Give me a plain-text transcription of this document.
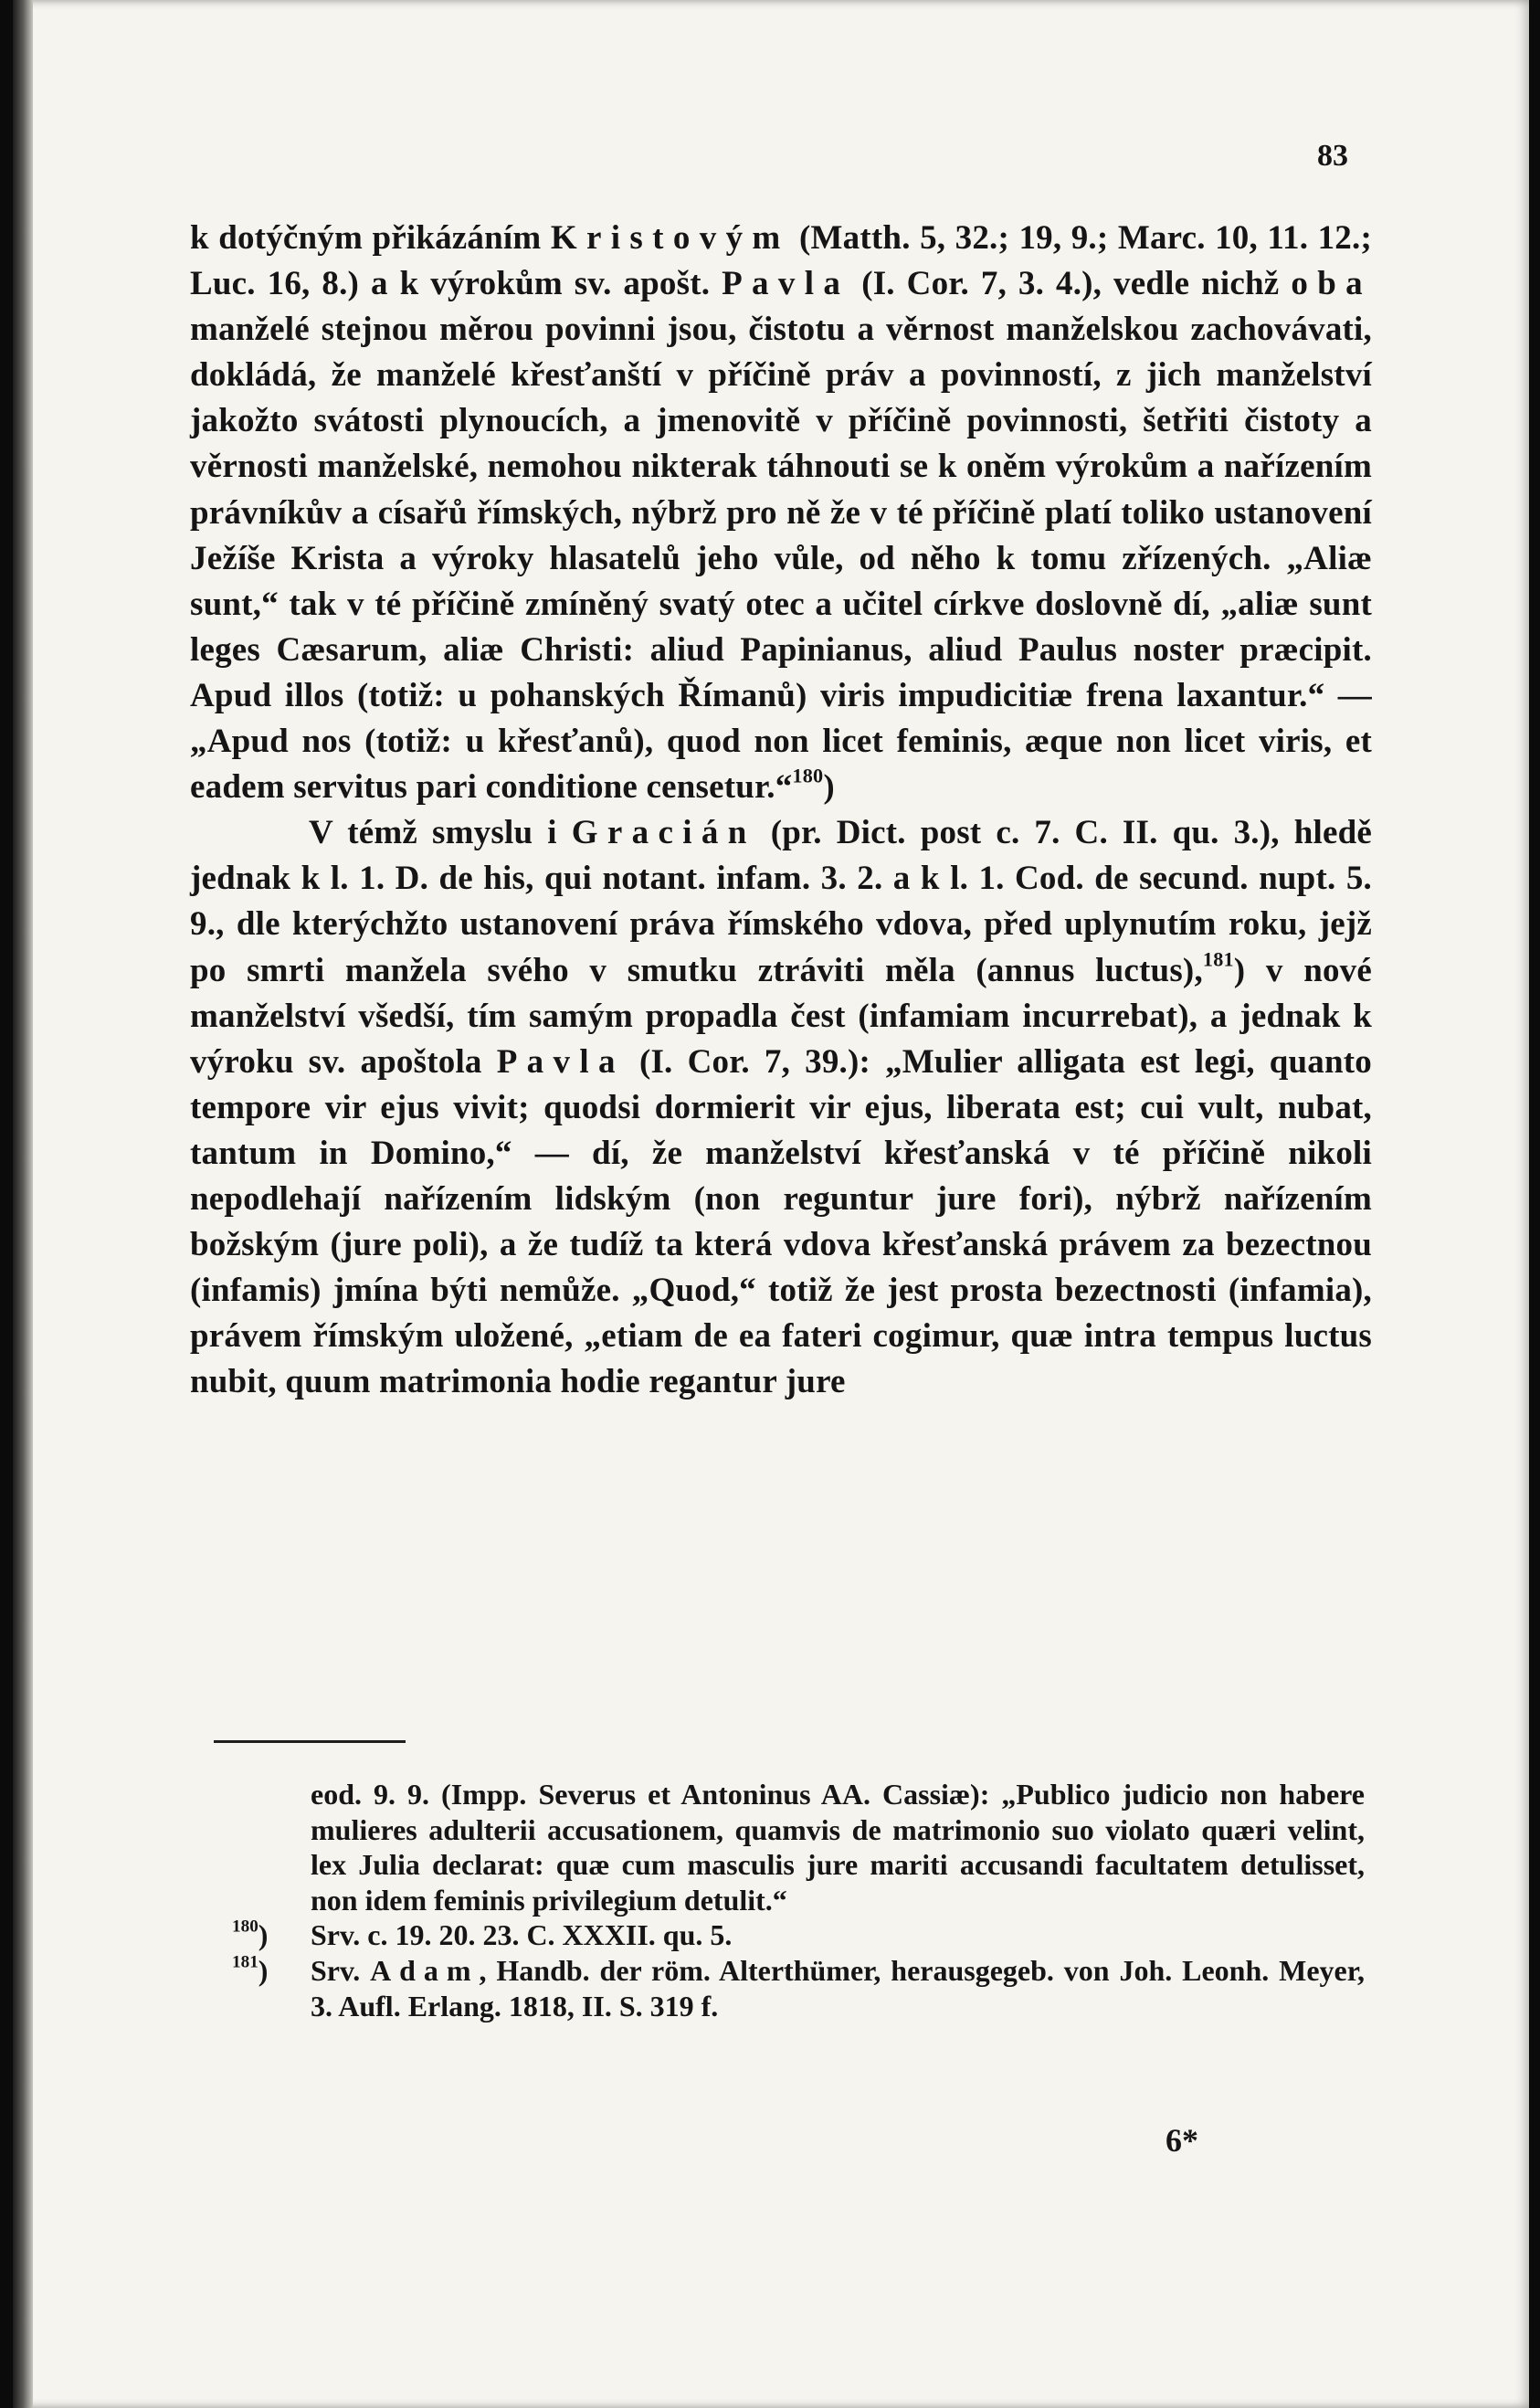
83

k dotýčným přikázáním Kristovým (Matth. 5, 32.; 19, 9.; Marc. 10, 11. 12.; Luc. 16, 8.) a k výrokům sv. apošt. Pavla (I. Cor. 7, 3. 4.), vedle nichž oba manželé stejnou měrou povinni jsou, čistotu a věrnost manželskou zachovávati, dokládá, že manželé křesťanští v příčině práv a povinností, z jich manželství jakožto svátosti plynoucích, a jmenovitě v příčině povinnosti, šetřiti čistoty a věrnosti manželské, nemohou nikterak táhnouti se k oněm výrokům a nařízením právníkův a císařů římských, nýbrž pro ně že v té příčině platí toliko ustanovení Ježíše Krista a výroky hlasatelů jeho vůle, od něho k tomu zřízených. „Aliæ sunt,“ tak v té příčině zmíněný svatý otec a učitel církve doslovně dí, „aliæ sunt leges Cæsarum, aliæ Christi: aliud Papinianus, aliud Paulus noster præcipit. Apud illos (totiž: u pohanských Římanů) viris impudicitiæ frena laxantur.“ — „Apud nos (totiž: u křesťanů), quod non licet feminis, æque non licet viris, et eadem servitus pari conditione censetur.“$^{180}$)

V témž smyslu i Gracián (pr. Dict. post c. 7. C. II. qu. 3.), hledě jednak k l. 1. D. de his, qui notant. infam. 3. 2. a k l. 1. Cod. de secund. nupt. 5. 9., dle kterýchžto ustanovení práva římského vdova, před uplynutím roku, jejž po smrti manžela svého v smutku ztráviti měla (annus luctus),$^{181}$) v nové manželství všedší, tím samým propadla čest (infamiam incurrebat), a jednak k výroku sv. apoštola Pavla (I. Cor. 7, 39.): „Mulier alligata est legi, quanto tempore vir ejus vivit; quodsi dormierit vir ejus, liberata est; cui vult, nubat, tantum in Domino,“ — dí, že manželství křesťanská v té příčině nikoli nepodlehají nařízením lidským (non reguntur jure fori), nýbrž nařízením božským (jure poli), a že tudíž ta která vdova křesťanská právem za bezectnou (infamis) jmína býti nemůže. „Quod,“ totiž že jest prosta bezectnosti (infamia), právem římským uložené, „etiam de ea fateri cogimur, quæ intra tempus luctus nubit, quum matrimonia hodie regantur jure

eod. 9. 9. (Impp. Severus et Antoninus AA. Cassiæ): „Publico judicio non habere mulieres adulterii accusationem, quamvis de matrimonio suo violato quæri velint, lex Julia declarat: quæ cum masculis jure mariti accusandi facultatem detulisset, non idem feminis privilegium detulit.“

$^{180}$)	Srv. c. 19. 20. 23. C. XXXII. qu. 5.
$^{181}$)	Srv. Adam, Handb. der röm. Alterthümer, herausgegeb. von Joh. Leonh. Meyer, 3. Aufl. Erlang. 1818, II. S. 319 f.
6*
